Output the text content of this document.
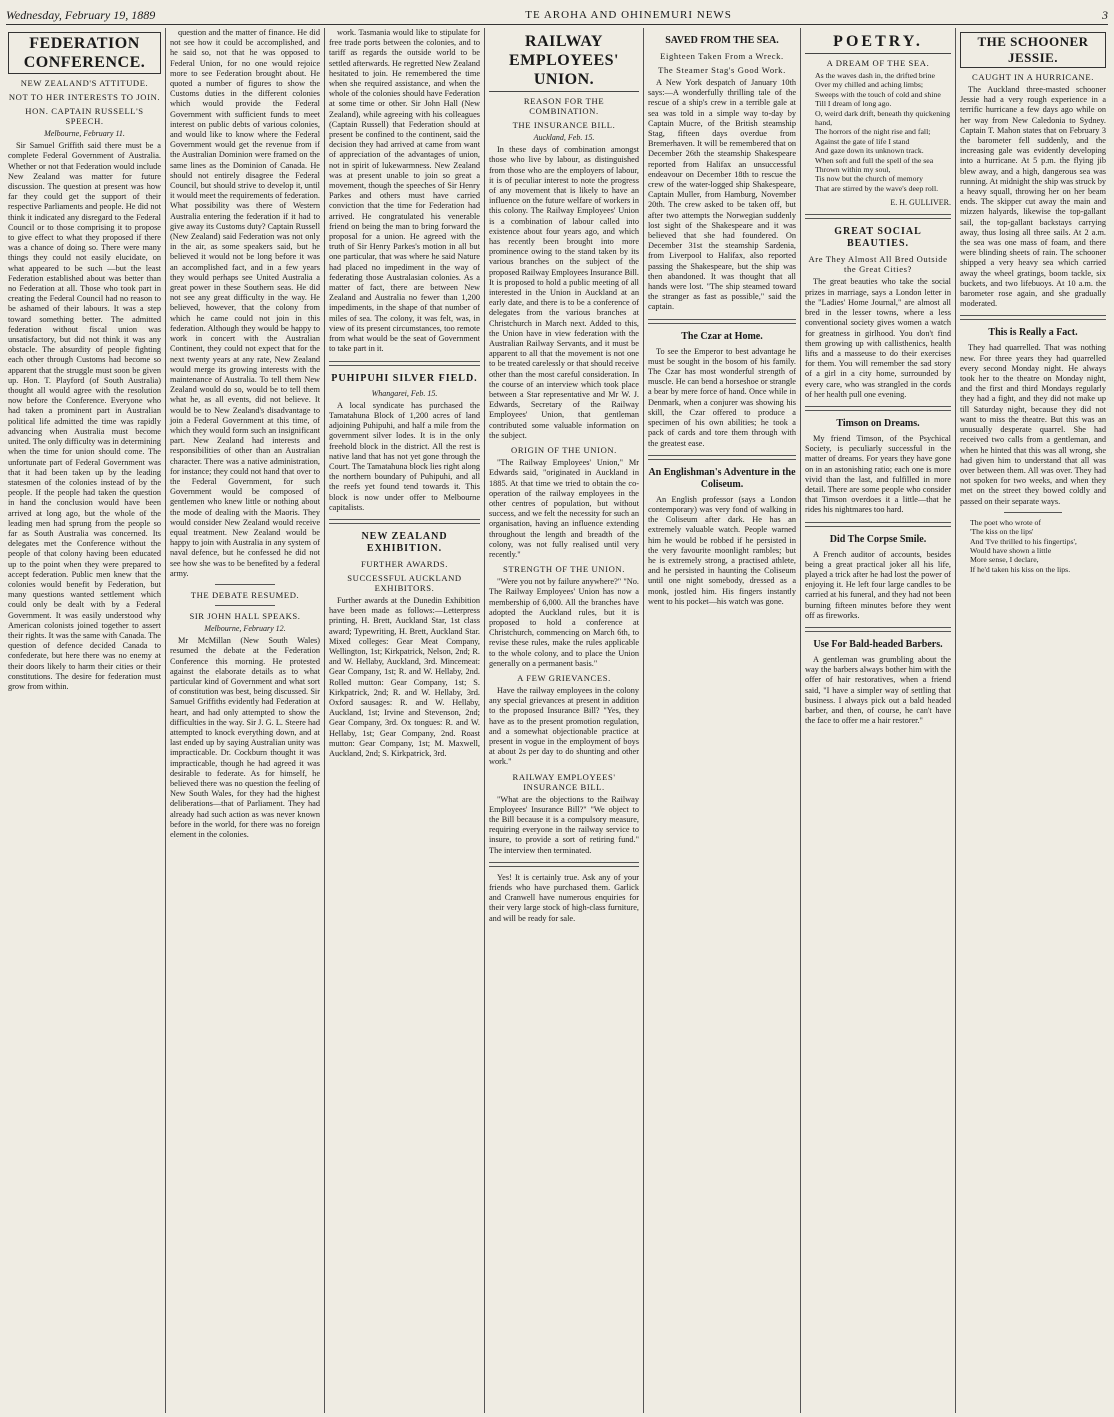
Wednesday, February 19, 1889	TE AROHA AND OHINEMURI NEWS	3
FEDERATION CONFERENCE.
NEW ZEALAND'S ATTITUDE.
NOT TO HER INTERESTS TO JOIN.
HON. CAPTAIN RUSSELL'S SPEECH.
Melbourne, February 11.

Sir Samuel Griffith said there must be a complete Federal Government of Australia. Whether or not that Federation would include New Zealand was matter for future discussion. The question at present was how far they could get the support of their respective Parliaments and people. He did not think it indicated any disregard to the Federal Council or to those comprising it to propose to give effect to what they proposed if there was a chance of doing so. There were many things they could not easily elucidate, on what appeared to be such —but the least Federation established about was better than no Federation at all. Those who took part in creating the Federal Council had no reason to be ashamed of their labours. It was a step toward something better. The admitted federation without fiscal union was unsatisfactory, but did not think it was any obstacle. The absurdity of people fighting each other through Customs had become so apparent that the struggle must soon be given up. Hon. T. Playford (of South Australia) thought all would agree with the resolution now before the Conference. Everyone who had taken a prominent part in Australian political life admitted the time was rapidly advancing when Australia must become united. The only difficulty was in determining when the time for union should come. The unfortunate part of Federal Government was that it had been taken up by the leading statesmen of the colonies instead of by the people. If the people had taken the question in hand the conclusion would have been arrived at long ago, but the whole of the leading men had sprung from the people so far as South Australia was concerned. Its delegates met the Conference without the people of that colony having been educated up to the point when they were prepared to accept federation. Public men knew that the colonies would benefit by Federation, but many questions wanted settlement which could only be dealt with by a Federal Government. It was easily understood why American colonists joined together to assert their rights. It was the same with Canada. The question of defence decided Canada to confederate, but here there was no enemy at their doors likely to harm their cities or their constitutions. The desire for federation must grow from within.

question and the matter of finance. He did not see how it could be accomplished, and he said so, not that he was opposed to Federal Union, for no one would rejoice more to see Federation brought about. He quoted a number of figures to show the Customs duties in the different colonies which would provide the Federal Government with sufficient funds to meet interest on public debts of various colonies, and would like to know where the Federal Government would get the revenue from if the Australian Dominion were framed on the same lines as the Dominion of Canada. He should not entirely disagree the Federal Council, but should strive to develop it, until it would meet the requirements of federation. What possibility was there of Western Australia entering the federation if it had to give away its Customs duty? Captain Russell (New Zealand) said Federation was not only in the air, as some speakers said, but he believed it would not be long before it was an accomplished fact, and in a few years they would perhaps see United Australia a great power in these Southern seas. He did not see any great difficulty in the way. He believed, however, that the colony from which he came could not join in this federation. Although they would be happy to work in concert with the Australian Continent, they could not expect that for the next twenty years at any rate, New Zealand would merge its growing interests with the maintenance of Australia. To tell them New Zealand would do so, would be to tell them what he, as all events, did not believe. It would be to New Zealand's disadvantage to join a Federal Government at this time, of which they would form such an insignificant part. New Zealand had interests and responsibilities of other than an Australian character. There was a native administration, for instance; they could not hand that over to the Federal Government, for such Government would be composed of gentlemen who knew little or nothing about the mode of dealing with the Maoris. They would consider New Zealand would receive equal treatment. New Zealand would be happy to join with Australia in any system of naval defence, but he confessed he did not see how she was to be benefited by a federal army.

THE DEBATE RESUMED.
SIR JOHN HALL SPEAKS.
Melbourne, February 12.

Mr McMillan (New South Wales) resumed the debate at the Federation Conference this morning. He protested against the elaborate details as to what particular kind of Government and what sort of constitution was best, being discussed. Sir Samuel Griffiths evidently had Federation at heart, and had only attempted to show the difficulties in the way. Sir J. G. L. Steere had attempted to knock everything down, and at last ended up by saying Australian unity was impracticable. Dr. Cockburn thought it was impracticable, though he had agreed it was desirable to federate. As for himself, he believed there was no question the feeling of New South Wales, for they had the highest deliberations—that of Parliament. They had already had such action as was never known before in the world, for there was no foreign element in the colonies.

work. Tasmania would like to stipulate for free trade ports between the colonies, and to tariff as regards the outside world to be settled afterwards. He regretted New Zealand hesitated to join. He remembered the time when she required assistance, and when the whole of the colonies should have Federation at some time or other. Sir John Hall (New Zealand), while agreeing with his colleagues (Captain Russell) that Federation should at present be confined to the continent, said the decision they had arrived at came from want of appreciation of the advantages of union, not in spirit of lukewarmness. New Zealand was at present unable to join so great a movement, though the speeches of Sir Henry Parkes and others must have carried conviction that the time for Federation had arrived. He congratulated his venerable friend on being the man to bring forward the proposal for a union. He agreed with the truth of Sir Henry Parkes's motion in all but one particular, that was where he said Nature had placed no impediment in the way of federating those Australasian colonies. As a matter of fact, there are between New Zealand and Australia no fewer than 1,200 impediments, in the shape of that number of miles of sea. The colony, it was felt, was, in view of its present circumstances, too remote from what would be the seat of Government to take part in it.

PUHIPUHI SILVER FIELD.
Whangarei, Feb. 15.

A local syndicate has purchased the Tamatahuna Block of 1,200 acres of land adjoining Puhipuhi, and half a mile from the government silver lodes. It is in the only freehold block in the district. All the rest is native land that has not yet gone through the Court. The Tamatahuna block lies right along the northern boundary of Puhipuhi, and all the reefs yet found tend towards it. This block is now under offer to Melbourne capitalists.

NEW ZEALAND EXHIBITION.
FURTHER AWARDS.
SUCCESSFUL AUCKLAND EXHIBITORS.

Further awards at the Dunedin Exhibition have been made as follows:—Letterpress printing, H. Brett, Auckland Star, 1st class award; Typewriting, H. Brett, Auckland Star. Mixed colleges: Gear Meat Company, Wellington, 1st; Kirkpatrick, Nelson, 2nd; R. and W. Hellaby, Auckland, 3rd. Mincemeat: Gear Company, 1st; R. and W. Hellaby, 2nd. Rolled mutton: Gear Company, 1st; S. Kirkpatrick, 2nd; R. and W. Hellaby, 3rd. Oxford sausages: R. and W. Hellaby, Auckland, 1st; Irvine and Stevenson, 2nd; Gear Company, 3rd. Ox tongues: R. and W. Hellaby, 1st; Gear Company, 2nd. Roast mutton: Gear Company, 1st; M. Maxwell, Auckland, 2nd; S. Kirkpatrick, 3rd.

RAILWAY EMPLOYEES' UNION.
REASON FOR THE COMBINATION.
THE INSURANCE BILL.
Auckland, Feb. 15.

In these days of combination amongst those who live by labour, as distinguished from those who are the employers of labour, it is of peculiar interest to note the progress of any movement that is likely to have an influence on the future welfare of workers in this colony. The Railway Employees' Union is a combination of labour called into existence about four years ago, and which has recently been brought into more prominence owing to the stand taken by its various branches on the subject of the proposed Railway Employees Insurance Bill. It is proposed to hold a public meeting of all interested in the Union in Auckland at an early date, and there is to be a conference of delegates from the various branches at Christchurch in March next. Added to this, the Union have in view federation with the Australian Railway Servants, and it must be apparent to all that the movement is not one to be treated carelessly or that should receive other than the most careful consideration. In the course of an interview which took place between a Star representative and Mr W. J. Edwards, Secretary of the Railway Employees' Union, that gentleman contributed some valuable information on the subject.

ORIGIN OF THE UNION.

"The Railway Employees' Union," Mr Edwards said, "originated in Auckland in 1885. At that time we tried to obtain the co-operation of the railway employees in the other centres of population, but without success, and we felt the necessity for such an organisation, having an influence extending throughout the length and breadth of the colony, was not fully realised until very recently."

STRENGTH OF THE UNION.

"Were you not by failure anywhere?" "No. The Railway Employees' Union has now a membership of 6,000. All the branches have adopted the Auckland rules, but it is proposed to hold a conference at Christchurch, commencing on March 6th, to revise these rules, make the rules applicable to the whole colony, and to place the Union generally on a permanent basis."

A FEW GRIEVANCES.

Have the railway employees in the colony any special grievances at present in addition to the proposed Insurance Bill? "Yes, they have as to the present promotion regulation, and a somewhat objectionable practice at present in vogue in the employment of boys at about 2s per day to do shunting and other work."

RAILWAY EMPLOYEES' INSURANCE BILL.

"What are the objections to the Railway Employees' Insurance Bill?" "We object to the Bill because it is a compulsory measure, requiring everyone in the railway service to insure, to provide a sort of retiring fund." The interview then terminated.

Yes! It is certainly true. Ask any of your friends who have purchased them. Garlick and Cranwell have numerous enquiries for their very large stock of high-class furniture, and will be ready for sale.

SAVED FROM THE SEA.
Eighteen Taken From a Wreck.
The Steamer Stag's Good Work.

A New York despatch of January 10th says:—A wonderfully thrilling tale of the rescue of a ship's crew in a terrible gale at sea was told in a simple way to-day by Captain Mucre, of the British steamship Stag, fifteen days overdue from Bremerhaven. It will be remembered that on December 26th the steamship Shakespeare reported from Halifax an unsuccessful endeavour on December 18th to rescue the crew of the water-logged ship Shakespeare, Captain Muller, from Hamburg, November 20th. The crew asked to be taken off, but after two attempts the Norwegian suddenly lost sight of the Shakespeare and it was believed that she had foundered. On December 31st the steamship Sardenia, from Liverpool to Halifax, also reported passing the Shakespeare, but the ship was then abandoned. It was thought that all hands were lost. "The ship steamed toward the stranger as fast as possible," said the captain.

The Czar at Home.

To see the Emperor to best advantage he must be sought in the bosom of his family. The Czar has most wonderful strength of muscle. He can bend a horseshoe or strangle a bear by mere force of hand. Once while in Denmark, when a conjurer was showing his skill, the Czar offered to produce a specimen of his own abilities; he took a pack of cards and tore them through with the greatest ease.

An Englishman's Adventure in the Coliseum.

An English professor (says a London contemporary) was very fond of walking in the Coliseum after dark. He has an extremely valuable watch. People warned him he would be robbed if he persisted in the very favourite moonlight rambles; but he is extremely strong, a practised athlete, and he persisted in haunting the Coliseum until one night somebody, dressed as a monk, jostled him. His fingers instantly went to his pocket—his watch was gone.

POETRY.
A DREAM OF THE SEA.
As the waves dash in, the drifted brine
Over my chilled and aching limbs;
Sweeps with the touch of cold and shine
Till I dream of long ago.
O, weird dark drift, beneath thy quickening hand,
The horrors of the night rise and fall;
Against the gate of life I stand
And gaze down its unknown track.
When soft and full the spell of the sea
Thrown within my soul,
Tis now but the church of memory
That are stirred by the wave's deep roll.
E. H. GULLIVER.
GREAT SOCIAL BEAUTIES.
Are They Almost All Bred Outside the Great Cities?

The great beauties who take the social prizes in marriage, says a London letter in the "Ladies' Home Journal," are almost all bred in the lesser towns, where a less conventional society gives women a watch for greatness in girlhood. You don't find them growing up with callisthenics, health lifts and a masseuse to do their exercises for them. You will remember the sad story of a girl in a city home, surrounded by every care, who was strangled in the cords of her health pull one evening.

Timson on Dreams.

My friend Timson, of the Psychical Society, is peculiarly successful in the matter of dreams. For years they have gone on in an astonishing ratio; each one is more vivid than the last, and fulfilled in more detail. There are some people who consider that Timson overdoes it a little—that he rides his nightmares too hard.

Did The Corpse Smile.

A French auditor of accounts, besides being a great practical joker all his life, played a trick after he had lost the power of enjoying it. He left four large candles to be carried at his funeral, and they had not been burning fifteen minutes before they went off as fireworks.

Use For Bald-headed Barbers.

A gentleman was grumbling about the way the barbers always bother him with the offer of hair restoratives, when a friend said, "I have a simpler way of settling that business. I always pick out a bald headed barber, and then, of course, he can't have the face to offer me a hair restorer."

THE SCHOONER JESSIE.
CAUGHT IN A HURRICANE.

The Auckland three-masted schooner Jessie had a very rough experience in a terrific hurricane a few days ago while on her way from New Caledonia to Sydney. Captain T. Mahon states that on February 3 the barometer fell suddenly, and the increasing gale was evidently developing into a hurricane. At 5 p.m. the flying jib blew away, and a high, dangerous sea was running. At midnight the ship was struck by a heavy squall, throwing her on her beam ends. The skipper cut away the main and mizzen halyards, likewise the top-gallant sail, the top-gallant backstays carrying away, thus losing all three sails. At 2 a.m. the sea was one mass of foam, and there were blinding sheets of rain. The schooner shipped a very heavy sea which carried away the wheel gratings, boom tackle, six buckets, and two lifebuoys. At 10 a.m. the barometer rose again, and she gradually moderated.

This is Really a Fact.

They had quarrelled. That was nothing new. For three years they had quarrelled every second Monday night. He always took her to the theatre on Monday night, and the first and third Mondays regularly they had a fight, and they did not make up till Saturday night, because they did not want to miss the theatre. But this was an unusually desperate quarrel. She had received two calls from a gentleman, and when he hinted that this was all wrong, she had given him to understand that all was over between them. All was over. They had not spoken for two weeks, and when they met on the street they bowed coldly and passed on their separate ways.

The poet who wrote of
'The kiss on the lips'
And 'I've thrilled to his fingertips',
Would have shown a little
More sense, I declare,
If he'd taken his kiss on the lips.
